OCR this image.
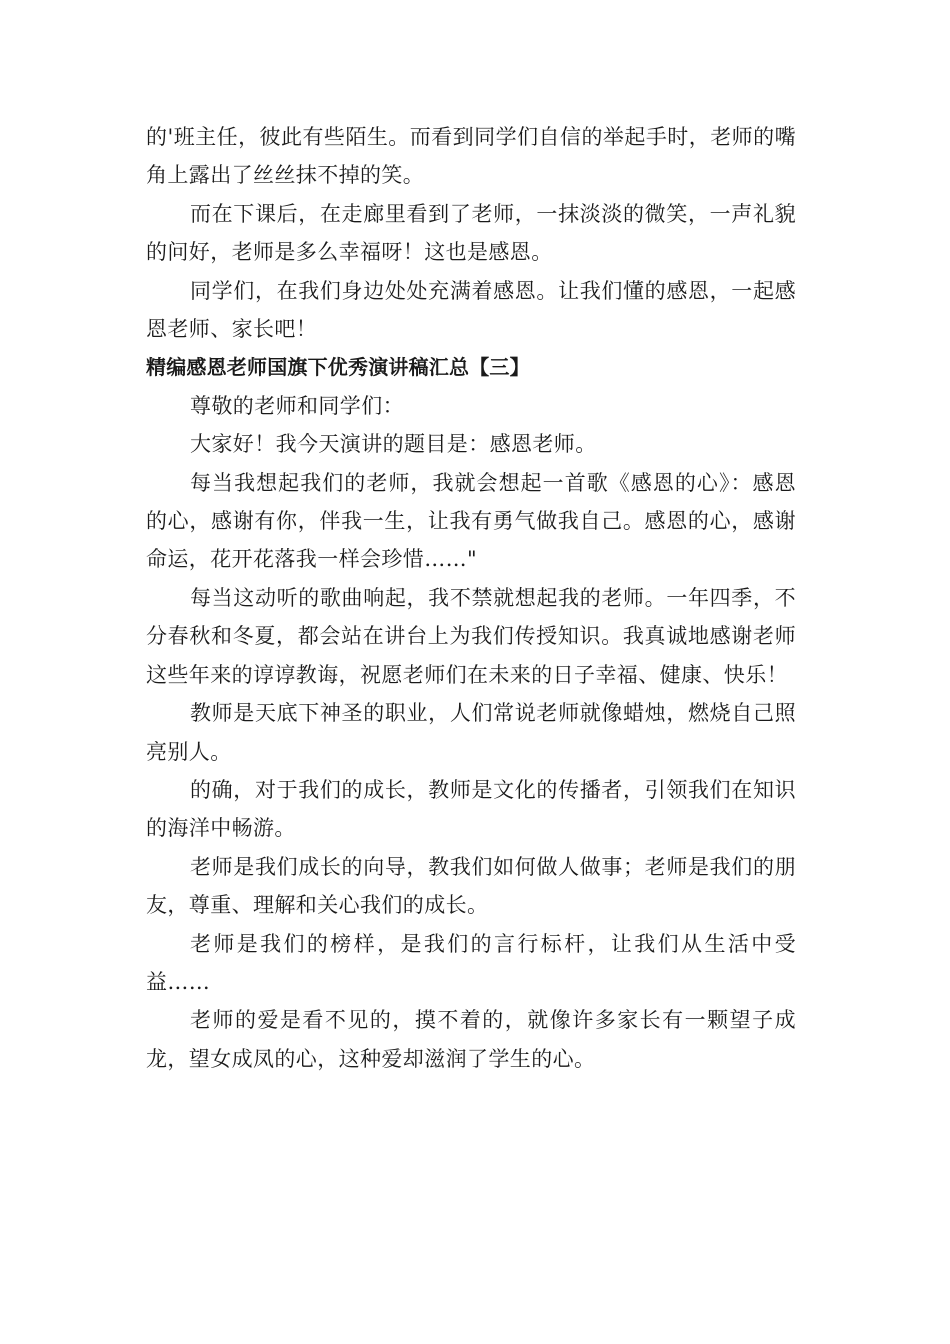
的'班主任，彼此有些陌生。而看到同学们自信的举起手时，老师的嘴角上露出了丝丝抹不掉的笑。

而在下课后，在走廊里看到了老师，一抹淡淡的微笑，一声礼貌的问好，老师是多么幸福呀！这也是感恩。

同学们，在我们身边处处充满着感恩。让我们懂的感恩，一起感恩老师、家长吧！

精编感恩老师国旗下优秀演讲稿汇总【三】

尊敬的老师和同学们：

大家好！我今天演讲的题目是：感恩老师。

每当我想起我们的老师，我就会想起一首歌《感恩的心》：感恩的心，感谢有你，伴我一生，让我有勇气做我自己。感恩的心，感谢命运，花开花落我一样会珍惜……"

每当这动听的歌曲响起，我不禁就想起我的老师。一年四季，不分春秋和冬夏，都会站在讲台上为我们传授知识。我真诚地感谢老师这些年来的谆谆教诲，祝愿老师们在未来的日子幸福、健康、快乐！

教师是天底下神圣的职业，人们常说老师就像蜡烛，燃烧自己照亮别人。

的确，对于我们的成长，教师是文化的传播者，引领我们在知识的海洋中畅游。

老师是我们成长的向导，教我们如何做人做事；老师是我们的朋友，尊重、理解和关心我们的成长。

老师是我们的榜样，是我们的言行标杆，让我们从生活中受益……

老师的爱是看不见的，摸不着的，就像许多家长有一颗望子成龙，望女成凤的心，这种爱却滋润了学生的心。
